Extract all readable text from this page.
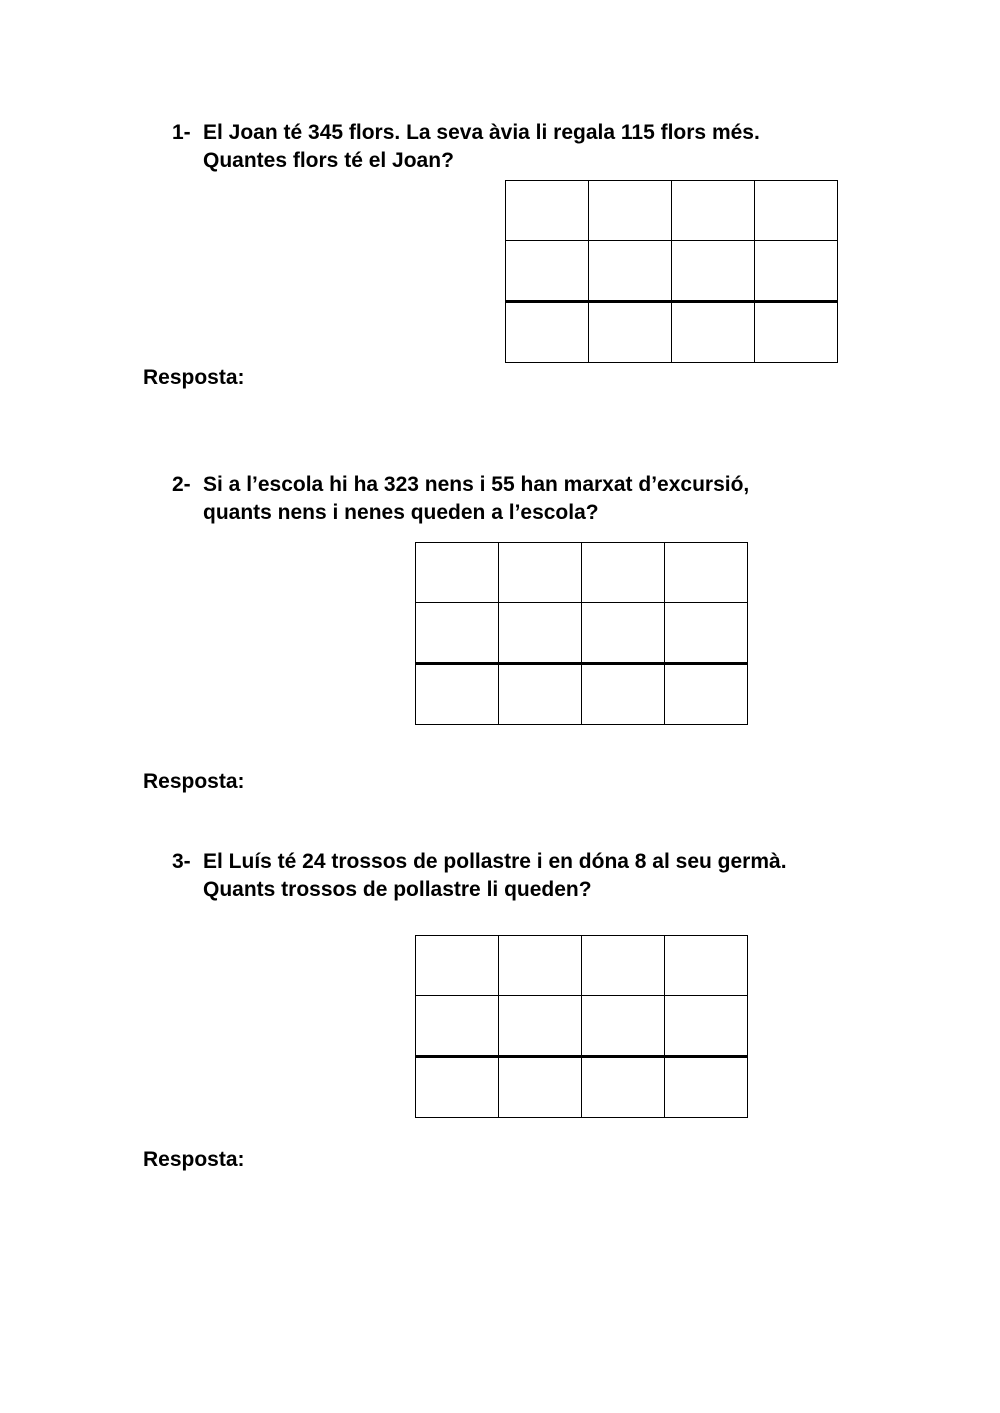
1- El Joan té 345 flors. La seva àvia li regala 115 flors més.
Quantes flors té el Joan?

Resposta:
2- Si a l’escola hi ha 323 nens i 55 han marxat d’excursió,
quants nens i nenes queden a l’escola?

Resposta:
3- El Luís té 24 trossos de pollastre i en dóna 8 al seu germà.
Quants trossos de pollastre li queden?

Resposta:
